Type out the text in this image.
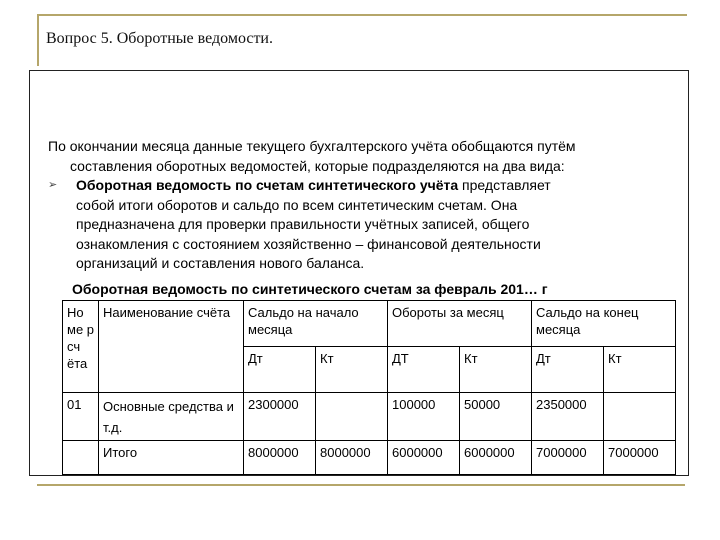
Вопрос 5. Оборотные ведомости.
По окончании месяца данные текущего бухгалтерского учёта обобщаются путём
составления оборотных ведомостей, которые подразделяются на два вида:
➢ Оборотная ведомость по счетам синтетического учёта представляет
собой итоги оборотов и сальдо по всем синтетическим счетам. Она
предназначена для проверки правильности учётных записей, общего
ознакомления с состоянием хозяйственно – финансовой деятельности
организаций и составления нового баланса.
Оборотная ведомость по синтетического счетам за февраль 201… г
Но ме р сч ёта	Наименование счёта	Сальдо на начало месяца		Обороты за месяц		Сальдо на конец месяца	
		Дт	Кт	ДТ	Кт	Дт	Кт
01	Основные средства и т.д.	2300000		100000	50000	2350000	
	Итого	8000000	8000000	6000000	6000000	7000000	7000000
